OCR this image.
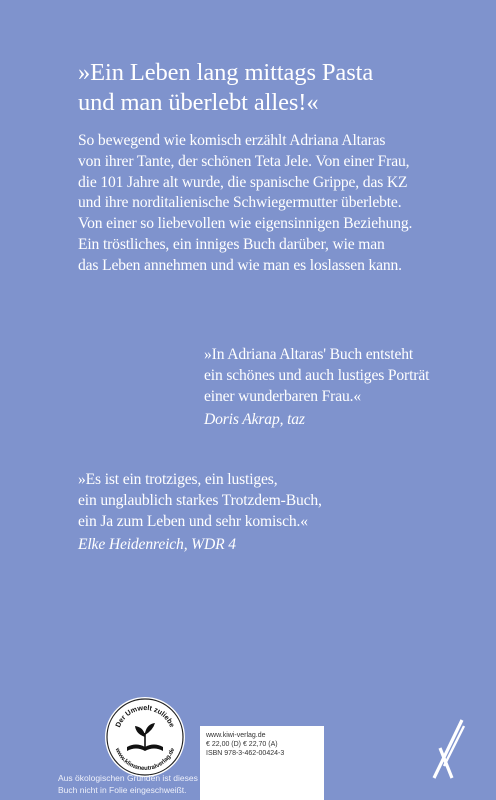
»Ein Leben lang mittags Pasta
und man überlebt alles!«
So bewegend wie komisch erzählt Adriana Altaras
von ihrer Tante, der schönen Teta Jele. Von einer Frau,
die 101 Jahre alt wurde, die spanische Grippe, das KZ
und ihre norditalienische Schwiegermutter überlebte.
Von einer so liebevollen wie eigensinnigen Beziehung.
Ein tröstliches, ein inniges Buch darüber, wie man
das Leben annehmen und wie man es loslassen kann.
»In Adriana Altaras' Buch entsteht
ein schönes und auch lustiges Porträt
einer wunderbaren Frau.«
Doris Akrap, taz
»Es ist ein trotziges, ein lustiges,
ein unglaublich starkes Trotzdem-Buch,
ein Ja zum Leben und sehr komisch.«
Elke Heidenreich, WDR 4
Der Umwelt zuliebe
www.klimaneutralverlag.de
Aus ökologischen Gründen ist dieses
Buch nicht in Folie eingeschweißt.
www.kiwi-verlag.de
€ 22,00 (D) € 22,70 (A)
ISBN 978-3-462-00424-3
